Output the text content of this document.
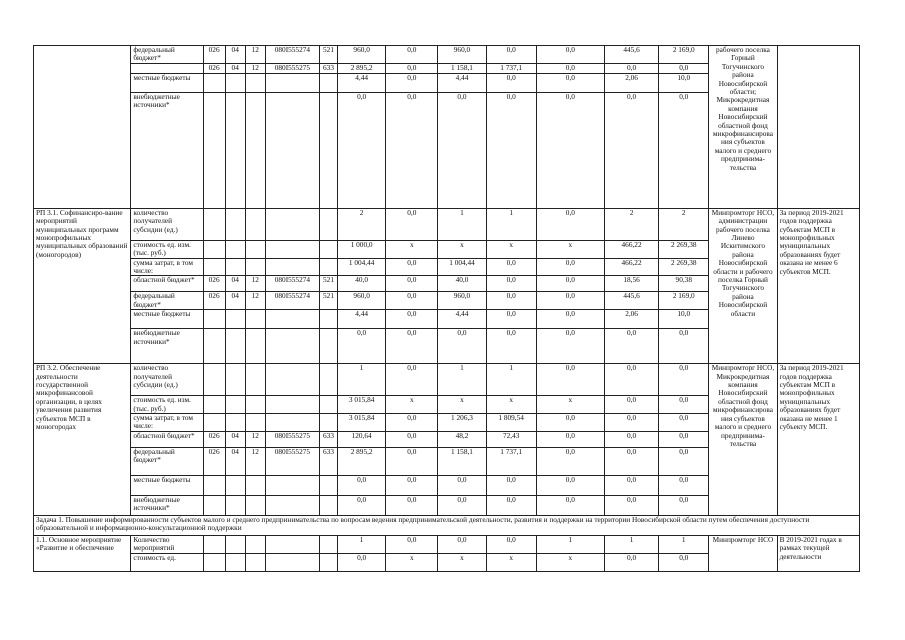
	федеральный бюджет*	026	04	12	080I555274	521	960,0	0,0	960,0	0,0	0,0	445,6	2 169,0	рабочего поселка Горный Тогучинского района Новосибирской области; Микрокредитная компания Новосибирский областной фонд микрофинансирования субъектов малого и среднего предпринима-тельства	
		026	04	12	080I555275	633	2 895,2	0,0	1 158,1	1 737,1	0,0	0,0	0,0		
	местные бюджеты						4,44	0,0	4,44	0,0	0,0	2,06	10,0		
	внебюджетные источники*						0,0	0,0	0,0	0,0	0,0	0,0	0,0		
РП 3.1. Софинансиро-вание мероприятий муниципальных программ монопрофильных муниципальных образований (моногородов)	количество получателей субсидии (ед.)						2	0,0	1	1	0,0	2	2	Минпромторг НСО, администрации рабочего поселка Линево Искитимского района Новосибирской области и рабочего поселка Горный Тогучинского района Новосибирской области	За период 2019-2021 годов поддержка субъектам МСП в монопрофильных муниципальных образованиях будет оказана не менее 6 субъектов МСП.
	стоимость ед. изм. (тыс. руб.)						1 000,0	х	х	х	х	466,22	2 269,38		
	сумма затрат, в том числе:						1 004,44	0,0	1 004,44	0,0	0,0	466,22	2 269,38		
	областной бюджет*	026	04	12	080I555274	521	40,0	0,0	40,0	0,0	0,0	18,56	90,38		
	федеральный бюджет*	026	04	12	080I555274	521	960,0	0,0	960,0	0,0	0,0	445,6	2 169,0		
	местные бюджеты						4,44	0,0	4,44	0,0	0,0	2,06	10,0		
	внебюджетные источники*						0,0	0,0	0,0	0,0	0,0	0,0	0,0		
РП 3.2. Обеспечение деятельности государственной микрофинансовой организации, в целях увеличения развития субъектов МСП в моногородах	количество получателей субсидии (ед.)						1	0,0	1	1	0,0	0,0	0,0	Минпромторг НСО, Микрокредитная компания Новосибирский областной фонд микрофинансирования субъектов малого и среднего предпринима-тельства	За период 2019-2021 годов поддержка субъектам МСП в монопрофильных муниципальных образованиях будет оказана не менее 1 субъекту МСП.
	стоимость ед. изм. (тыс. руб.)						3 015,84	х	х	х	х	0,0	0,0		
	сумма затрат, в том числе:						3 015,84	0,0	1 206,3	1 809,54	0,0	0,0	0,0		
	областной бюджет*	026	04	12	080I555275	633	120,64	0,0	48,2	72,43	0,0	0,0	0,0		
	федеральный бюджет*	026	04	12	080I555275	633	2 895,2	0,0	1 158,1	1 737,1	0,0	0,0	0,0		
	местные бюджеты						0,0	0,0	0,0	0,0	0,0	0,0	0,0		
	внебюджетные источники*						0,0	0,0	0,0	0,0	0,0	0,0	0,0		
Задача 1. Повышение информированности субъектов малого и среднего предпринимательства по вопросам ведения предпринимательской деятельности, развития и поддержки на территории Новосибирской области путем обеспечения доступности образовательной и информационно-консультационной поддержки															
1.1. Основное мероприятие «Развитие и обеспечение	Количество мероприятий						1	0,0	0,0	0,0	1	1	1	Минпромторг НСО	В 2019-2021 годах в рамках текущей деятельности
	стоимость ед.						0,0	х	х	х	х	0,0	0,0		
